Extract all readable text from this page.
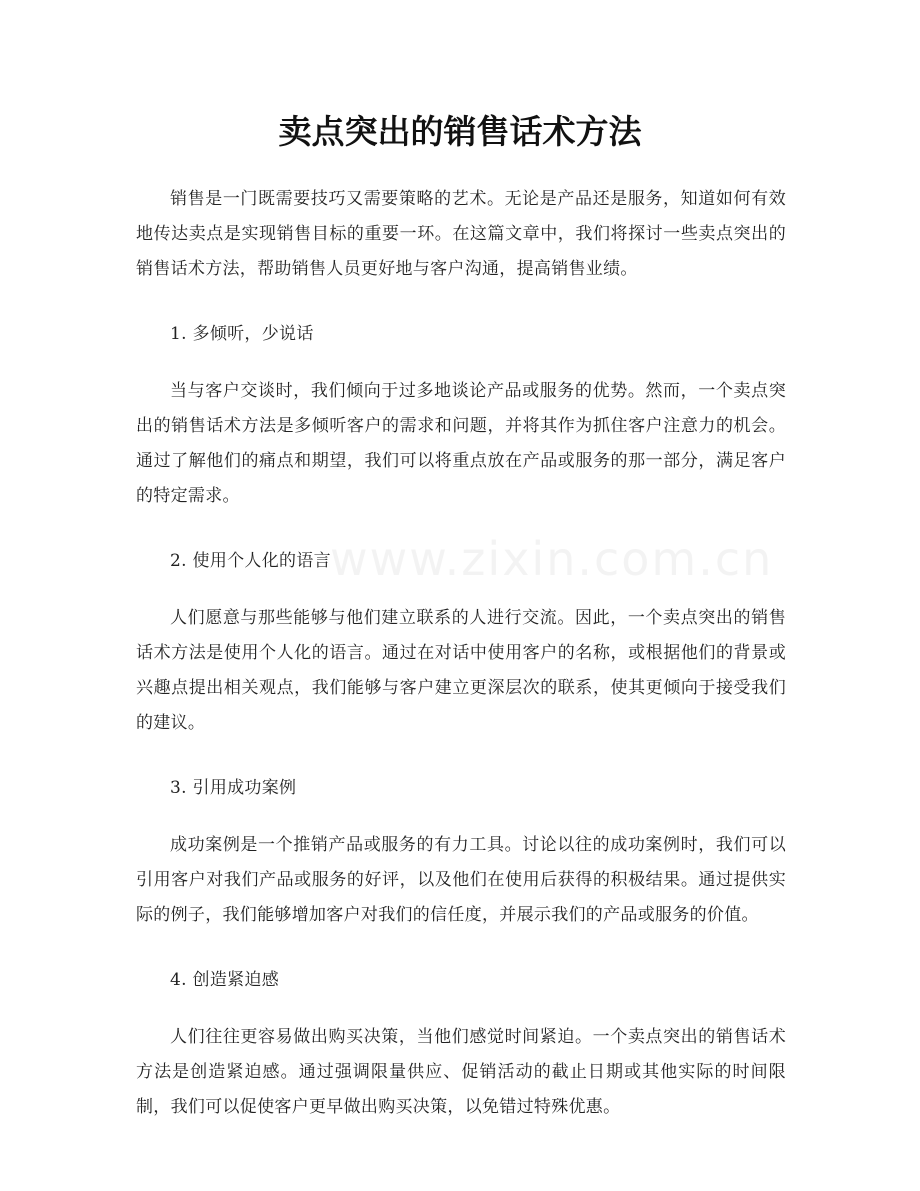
卖点突出的销售话术方法

销售是一门既需要技巧又需要策略的艺术。无论是产品还是服务，知道如何有效地传达卖点是实现销售目标的重要一环。在这篇文章中，我们将探讨一些卖点突出的销售话术方法，帮助销售人员更好地与客户沟通，提高销售业绩。

1. 多倾听，少说话

当与客户交谈时，我们倾向于过多地谈论产品或服务的优势。然而，一个卖点突出的销售话术方法是多倾听客户的需求和问题，并将其作为抓住客户注意力的机会。通过了解他们的痛点和期望，我们可以将重点放在产品或服务的那一部分，满足客户的特定需求。

2. 使用个人化的语言

人们愿意与那些能够与他们建立联系的人进行交流。因此，一个卖点突出的销售话术方法是使用个人化的语言。通过在对话中使用客户的名称，或根据他们的背景或兴趣点提出相关观点，我们能够与客户建立更深层次的联系，使其更倾向于接受我们的建议。

3. 引用成功案例

成功案例是一个推销产品或服务的有力工具。讨论以往的成功案例时，我们可以引用客户对我们产品或服务的好评，以及他们在使用后获得的积极结果。通过提供实际的例子，我们能够增加客户对我们的信任度，并展示我们的产品或服务的价值。

4. 创造紧迫感

人们往往更容易做出购买决策，当他们感觉时间紧迫。一个卖点突出的销售话术方法是创造紧迫感。通过强调限量供应、促销活动的截止日期或其他实际的时间限制，我们可以促使客户更早做出购买决策，以免错过特殊优惠。

www.zixin.com.cn
